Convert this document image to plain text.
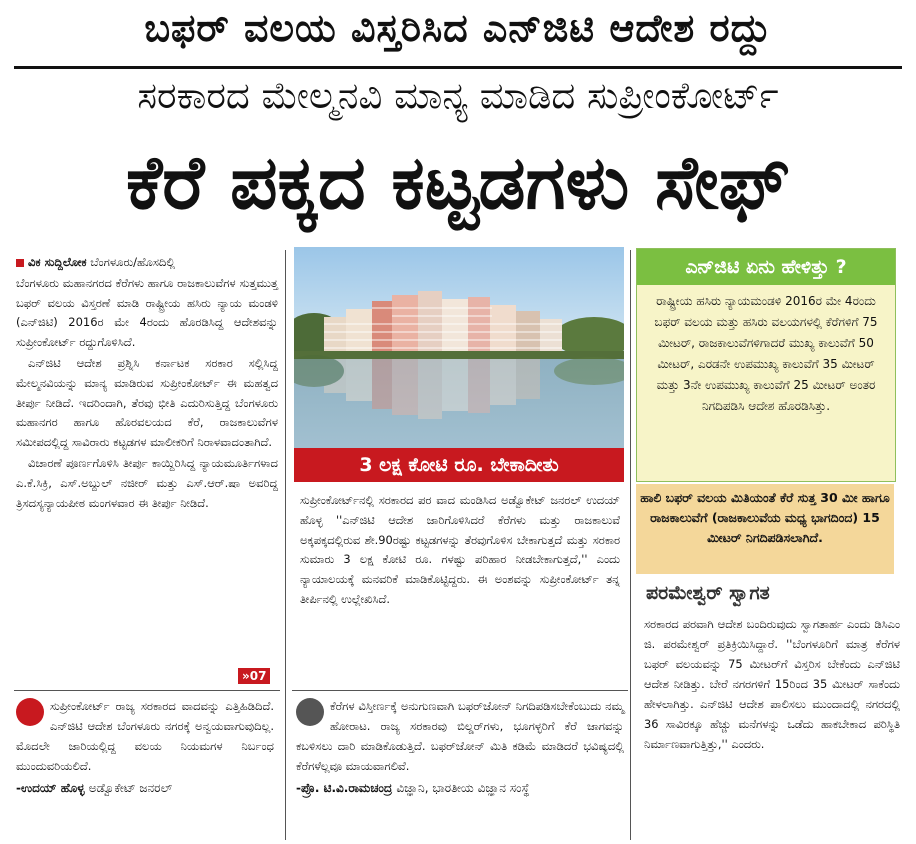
ಬಫರ್ ವಲಯ ವಿಸ್ತರಿಸಿದ ಎನ್‌ಜಿಟಿ ಆದೇಶ ರದ್ದು
ಸರಕಾರದ ಮೇಲ್ಮನವಿ ಮಾನ್ಯ ಮಾಡಿದ ಸುಪ್ರೀಂಕೋರ್ಟ್
ಕೆರೆ ಪಕ್ಕದ ಕಟ್ಟಡಗಳು ಸೇಫ್

ವಿಕ ಸುದ್ದಿಲೋಕ ಬೆಂಗಳೂರು/ಹೊಸದಿಲ್ಲಿ

ಬೆಂಗಳೂರು ಮಹಾನಗರದ ಕೆರೆಗಳು ಹಾಗೂ ರಾಜಕಾಲುವೆಗಳ ಸುತ್ತಮುತ್ತ ಬಫರ್ ವಲಯ ವಿಸ್ತರಣೆ ಮಾಡಿ ರಾಷ್ಟ್ರೀಯ ಹಸಿರು ನ್ಯಾಯ ಮಂಡಳಿ (ಎನ್‌ಜಿಟಿ) 2016ರ ಮೇ 4ರಂದು ಹೊರಡಿಸಿದ್ದ ಆದೇಶವನ್ನು ಸುಪ್ರೀಂಕೋರ್ಟ್ ರದ್ದುಗೊಳಿಸಿದೆ.

ಎನ್‌ಜಿಟಿ ಆದೇಶ ಪ್ರಶ್ನಿಸಿ ಕರ್ನಾಟಕ ಸರಕಾರ ಸಲ್ಲಿಸಿದ್ದ ಮೇಲ್ಮನವಿಯನ್ನು ಮಾನ್ಯ ಮಾಡಿರುವ ಸುಪ್ರೀಂಕೋರ್ಟ್ ಈ ಮಹತ್ವದ ತೀರ್ಪು ನೀಡಿದೆ. ಇದರಿಂದಾಗಿ, ತೆರವು ಭೀತಿ ಎದುರಿಸುತ್ತಿದ್ದ ಬೆಂಗಳೂರು ಮಹಾನಗರ ಹಾಗೂ ಹೊರವಲಯದ ಕೆರೆ, ರಾಜಕಾಲುವೆಗಳ ಸಮೀಪದಲ್ಲಿದ್ದ ಸಾವಿರಾರು ಕಟ್ಟಡಗಳ ಮಾಲೀಕರಿಗೆ ನಿರಾಳವಾದಂತಾಗಿದೆ.

ವಿಚಾರಣೆ ಪೂರ್ಣಗೊಳಿಸಿ ತೀರ್ಪು ಕಾಯ್ದಿರಿಸಿದ್ದ ನ್ಯಾಯಮೂರ್ತಿಗಳಾದ ಎ.ಕೆ.ಸಿಕ್ರಿ, ಎಸ್.ಅಬ್ದುಲ್ ನಜೀರ್ ಮತ್ತು ಎಸ್.ಆರ್.ಷಾ ಅವರಿದ್ದ ತ್ರಿಸದಸ್ಯನ್ಯಾಯಪೀಠ ಮಂಗಳವಾರ ಈ ತೀರ್ಪು ನೀಡಿದೆ.

»07
3 ಲಕ್ಷ ಕೋಟಿ ರೂ. ಬೇಕಾದೀತು

ಸುಪ್ರೀಂಕೋರ್ಟ್‌ನಲ್ಲಿ ಸರಕಾರದ ಪರ ವಾದ ಮಂಡಿಸಿದ ಅಡ್ವೊಕೇಟ್ ಜನರಲ್ ಉದಯ್ ಹೊಳ್ಳ ''ಎನ್‌ಜಿಟಿ ಆದೇಶ ಜಾರಿಗೊಳಿಸಿದರೆ ಕೆರೆಗಳು ಮತ್ತು ರಾಜಕಾಲುವೆ ಅಕ್ಕಪಕ್ಕದಲ್ಲಿರುವ ಶೇ.90ರಷ್ಟು ಕಟ್ಟಡಗಳನ್ನು ತೆರವುಗೊಳಿಸ ಬೇಕಾಗುತ್ತದೆ ಮತ್ತು ಸರಕಾರ ಸುಮಾರು 3 ಲಕ್ಷ ಕೋಟಿ ರೂ. ಗಳಷ್ಟು ಪರಿಹಾರ ನೀಡಬೇಕಾಗುತ್ತದೆ,'' ಎಂದು ನ್ಯಾಯಾಲಯಕ್ಕೆ ಮನವರಿಕೆ ಮಾಡಿಕೊಟ್ಟಿದ್ದರು. ಈ ಅಂಶವನ್ನು ಸುಪ್ರೀಂಕೋರ್ಟ್ ತನ್ನ ತೀರ್ಪಿನಲ್ಲಿ ಉಲ್ಲೇಖಿಸಿದೆ.

ಎನ್‌ಜಿಟಿ ಏನು ಹೇಳಿತ್ತು ?
ರಾಷ್ಟ್ರೀಯ ಹಸಿರು ನ್ಯಾಯಮಂಡಳಿ 2016ರ ಮೇ 4ರಂದು ಬಫರ್ ವಲಯ ಮತ್ತು ಹಸಿರು ವಲಯಗಳಲ್ಲಿ ಕೆರೆಗಳಿಗೆ 75 ಮೀಟರ್, ರಾಜಕಾಲುವೆಗಳಿಗಾದರೆ ಮುಖ್ಯ ಕಾಲುವೆಗೆ 50 ಮೀಟರ್, ಎರಡನೇ ಉಪಮುಖ್ಯ ಕಾಲುವೆಗೆ 35 ಮೀಟರ್ ಮತ್ತು 3ನೇ ಉಪಮುಖ್ಯ ಕಾಲುವೆಗೆ 25 ಮೀಟರ್ ಅಂತರ ನಿಗದಿಪಡಿಸಿ ಆದೇಶ ಹೊರಡಿಸಿತ್ತು.
ಹಾಲಿ ಬಫರ್ ವಲಯ ಮಿತಿಯಂತೆ ಕೆರೆ ಸುತ್ತ 30 ಮೀ ಹಾಗೂ ರಾಜಕಾಲುವೆಗೆ (ರಾಜಕಾಲುವೆಯ ಮಧ್ಯ ಭಾಗದಿಂದ) 15 ಮೀಟರ್ ನಿಗದಿಪಡಿಸಲಾಗಿದೆ.
ಪರಮೇಶ್ವರ್ ಸ್ವಾಗತ

ಸರಕಾರದ ಪರವಾಗಿ ಆದೇಶ ಬಂದಿರುವುದು ಸ್ವಾಗತಾರ್ಹ ಎಂದು ಡಿಸಿಎಂ ಜಿ. ಪರಮೇಶ್ವರ್ ಪ್ರತಿಕ್ರಿಯಿಸಿದ್ದಾರೆ. ''ಬೆಂಗಳೂರಿಗೆ ಮಾತ್ರ ಕೆರೆಗಳ ಬಫರ್ ವಲಯವನ್ನು 75 ಮೀಟರ್‌ಗೆ ವಿಸ್ತರಿಸ ಬೇಕೆಂದು ಎನ್‌ಜಿಟಿ ಆದೇಶ ನೀಡಿತ್ತು. ಬೇರೆ ನಗರಗಳಿಗೆ 15ರಿಂದ 35 ಮೀಟರ್ ಸಾಕೆಂದು ಹೇಳಲಾಗಿತ್ತು. ಎನ್‌ಜಿಟಿ ಆದೇಶ ಪಾಲಿಸಲು ಮುಂದಾದಲ್ಲಿ ನಗರದಲ್ಲಿ 36 ಸಾವಿರಕ್ಕೂ ಹೆಚ್ಚು ಮನೆಗಳನ್ನು ಒಡೆದು ಹಾಕಬೇಕಾದ ಪರಿಸ್ಥಿತಿ ನಿರ್ಮಾಣವಾಗುತ್ತಿತ್ತು,'' ಎಂದರು.

ಸುಪ್ರೀಂಕೋರ್ಟ್ ರಾಜ್ಯ ಸರಕಾರದ ವಾದವನ್ನು ಎತ್ತಿಹಿಡಿದಿದೆ. ಎನ್‌ಜಿಟಿ ಆದೇಶ ಬೆಂಗಳೂರು ನಗರಕ್ಕೆ ಅನ್ವಯವಾಗುವುದಿಲ್ಲ. ಮೊದಲೇ ಜಾರಿಯಲ್ಲಿದ್ದ ವಲಯ ನಿಯಮಗಳ ನಿರ್ಬಂಧ ಮುಂದುವರಿಯಲಿದೆ.
-ಉದಯ್ ಹೊಳ್ಳ ಅಡ್ವೊಕೇಟ್ ಜನರಲ್
ಕೆರೆಗಳ ವಿಸ್ತೀರ್ಣಕ್ಕೆ ಅನುಗುಣವಾಗಿ ಬಫರ್‌ಜೋನ್ ನಿಗದಿಪಡಿಸಬೇಕೆಂಬುದು ನಮ್ಮ ಹೋರಾಟ. ರಾಜ್ಯ ಸರಕಾರವು ಬಿಲ್ಡರ್‌ಗಳು, ಭೂಗಳ್ಳರಿಗೆ ಕೆರೆ ಜಾಗವನ್ನು ಕಬಳಿಸಲು ದಾರಿ ಮಾಡಿಕೊಡುತ್ತಿದೆ. ಬಫರ್‌ಜೋನ್ ಮಿತಿ ಕಡಿಮೆ ಮಾಡಿದರೆ ಭವಿಷ್ಯದಲ್ಲಿ ಕೆರೆಗಳೆಲ್ಲವೂ ಮಾಯವಾಗಲಿವೆ.
-ಪ್ರೊ. ಟಿ.ವಿ.ರಾಮಚಂದ್ರ ವಿಜ್ಞಾನಿ, ಭಾರತೀಯ ವಿಜ್ಞಾನ ಸಂಸ್ಥೆ
